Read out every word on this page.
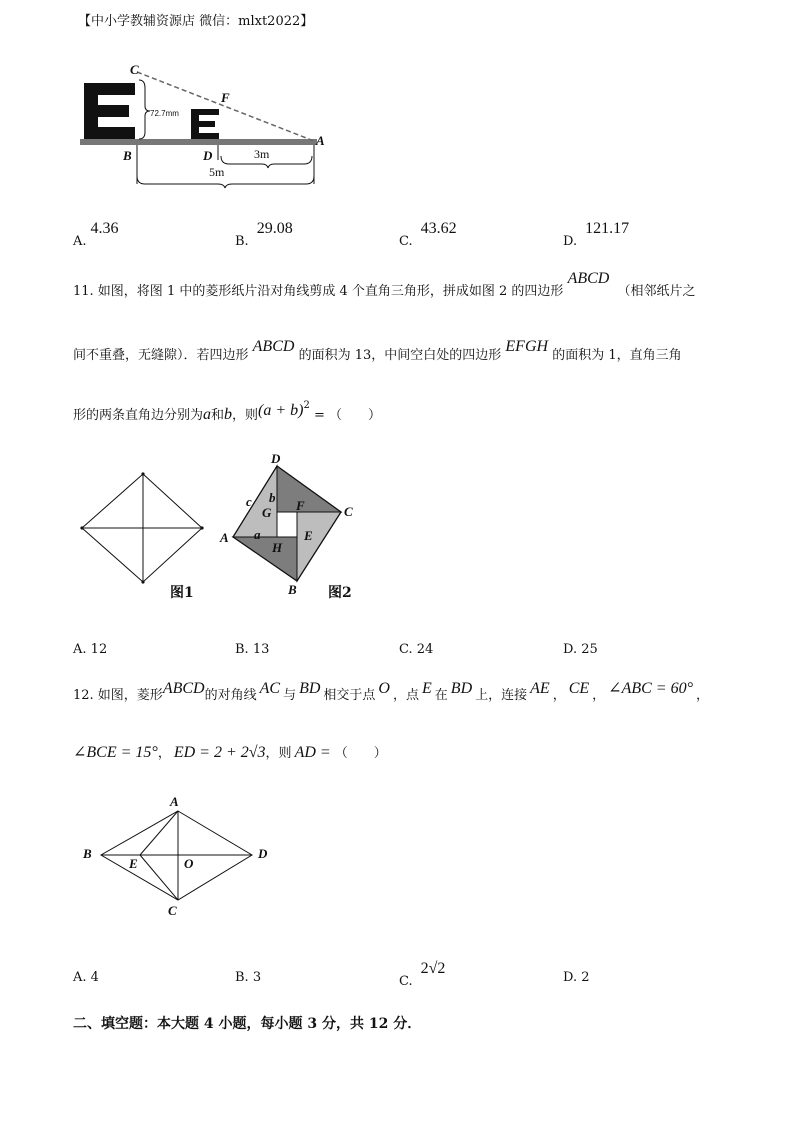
【中小学教辅资源店 微信：mlxt2022】
C
F
B	D
A
72.7mm
3m
5m
$_{A.}$4.36
$_{B.}$29.08
$_{C.}$43.62
$_{D.}$121.17
11. 如图，将图 1 中的菱形纸片沿对角线剪成 4 个直角三角形，拼成如图 2 的四边形 ABCD （相邻纸片之
间不重叠，无缝隙）．若四边形 ABCD 的面积为 13，中间空白处的四边形 EFGH 的面积为 1，直角三角
形的两条直角边分别为a和b，则$(a + b)^2$ = （　　）
图1
D
C
A
B
E
F
G
H
a
b
c
图2
A. 12	B. 13	C. 24	D. 25
12. 如图，菱形ABCD的对角线 AC 与 BD 相交于点 O ，点 E 在 BD 上，连接 AE ， CE ， ∠ABC = 60° ，
∠BCE = 15°， ED = 2 + 2√3，则 AD = （　　）
A
B
C
D
E	O
A. 4	B. 3	$_{C.}$2√2
D. 2
二、填空题：本大题 4 小题，每小题 3 分，共 12 分．
